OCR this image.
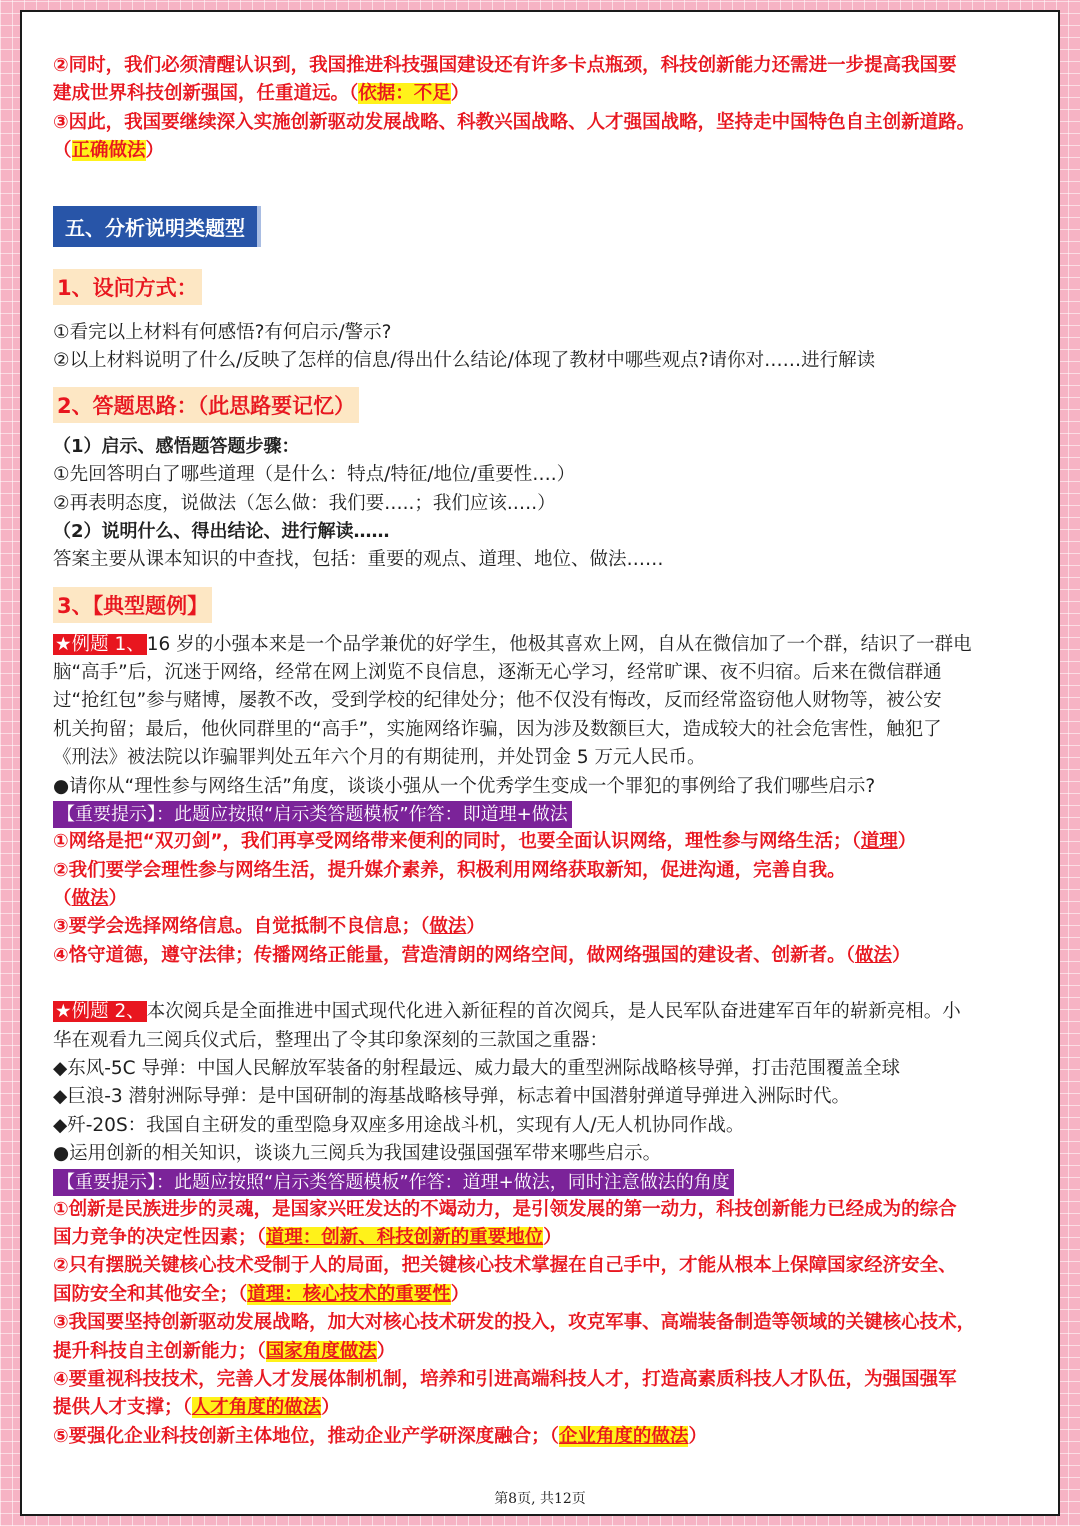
②同时，我们必须清醒认识到，我国推进科技强国建设还有许多卡点瓶颈，科技创新能力还需进一步提高我国要
建成世界科技创新强国，任重道远。（依据：不足）
③因此，我国要继续深入实施创新驱动发展战略、科教兴国战略、人才强国战略，坚持走中国特色自主创新道路。
（正确做法）
五、分析说明类题型
1、设问方式：
①看完以上材料有何感悟?有何启示/警示?
②以上材料说明了什么/反映了怎样的信息/得出什么结论/体现了教材中哪些观点?请你对……进行解读
2、答题思路：（此思路要记忆）
（1）启示、感悟题答题步骤：
①先回答明白了哪些道理（是什么：特点/特征/地位/重要性….）
②再表明态度，说做法（怎么做：我们要…..；我们应该.….）
（2）说明什么、得出结论、进行解读……
答案主要从课本知识的中查找，包括：重要的观点、道理、地位、做法……
3、【典型题例】
★例题 1、 16 岁的小强本来是一个品学兼优的好学生，他极其喜欢上网，自从在微信加了一个群，结识了一群电
脑“高手”后，沉迷于网络，经常在网上浏览不良信息，逐渐无心学习，经常旷课、夜不归宿。后来在微信群通
过“抢红包”参与赌博，屡教不改，受到学校的纪律处分；他不仅没有悔改，反而经常盗窃他人财物等，被公安
机关拘留；最后，他伙同群里的“高手”，实施网络诈骗，因为涉及数额巨大，造成较大的社会危害性，触犯了
《刑法》被法院以诈骗罪判处五年六个月的有期徒刑，并处罚金 5 万元人民币。
●请你从“理性参与网络生活”角度，谈谈小强从一个优秀学生变成一个罪犯的事例给了我们哪些启示?
【重要提示】：此题应按照“启示类答题模板”作答：即道理+做法
①网络是把“双刃剑”，我们再享受网络带来便利的同时，也要全面认识网络，理性参与网络生活；（道理）
②我们要学会理性参与网络生活，提升媒介素养，积极利用网络获取新知，促进沟通，完善自我。
（做法）
③要学会选择网络信息。自觉抵制不良信息；（做法）
④恪守道德，遵守法律；传播网络正能量，营造清朗的网络空间，做网络强国的建设者、创新者。（做法）
★例题 2、 本次阅兵是全面推进中国式现代化进入新征程的首次阅兵，是人民军队奋进建军百年的崭新亮相。小
华在观看九三阅兵仪式后，整理出了令其印象深刻的三款国之重器：
◆东风-5C 导弹：中国人民解放军装备的射程最远、威力最大的重型洲际战略核导弹，打击范围覆盖全球
◆巨浪-3 潜射洲际导弹：是中国研制的海基战略核导弹，标志着中国潜射弹道导弹进入洲际时代。
◆歼-20S：我国自主研发的重型隐身双座多用途战斗机，实现有人/无人机协同作战。
●运用创新的相关知识，谈谈九三阅兵为我国建设强国强军带来哪些启示。
【重要提示】：此题应按照“启示类答题模板”作答：道理+做法，同时注意做法的角度
①创新是民族进步的灵魂，是国家兴旺发达的不竭动力，是引领发展的第一动力，科技创新能力已经成为的综合
国力竞争的决定性因素；（道理：创新、科技创新的重要地位）
②只有摆脱关键核心技术受制于人的局面，把关键核心技术掌握在自己手中，才能从根本上保障国家经济安全、
国防安全和其他安全；（道理：核心技术的重要性）
③我国要坚持创新驱动发展战略，加大对核心技术研发的投入，攻克军事、高端装备制造等领域的关键核心技术，
提升科技自主创新能力；（国家角度做法）
④要重视科技技术，完善人才发展体制机制，培养和引进高端科技人才，打造高素质科技人才队伍，为强国强军
提供人才支撑；（人才角度的做法）
⑤要强化企业科技创新主体地位，推动企业产学研深度融合；（企业角度的做法）
第8页, 共12页
